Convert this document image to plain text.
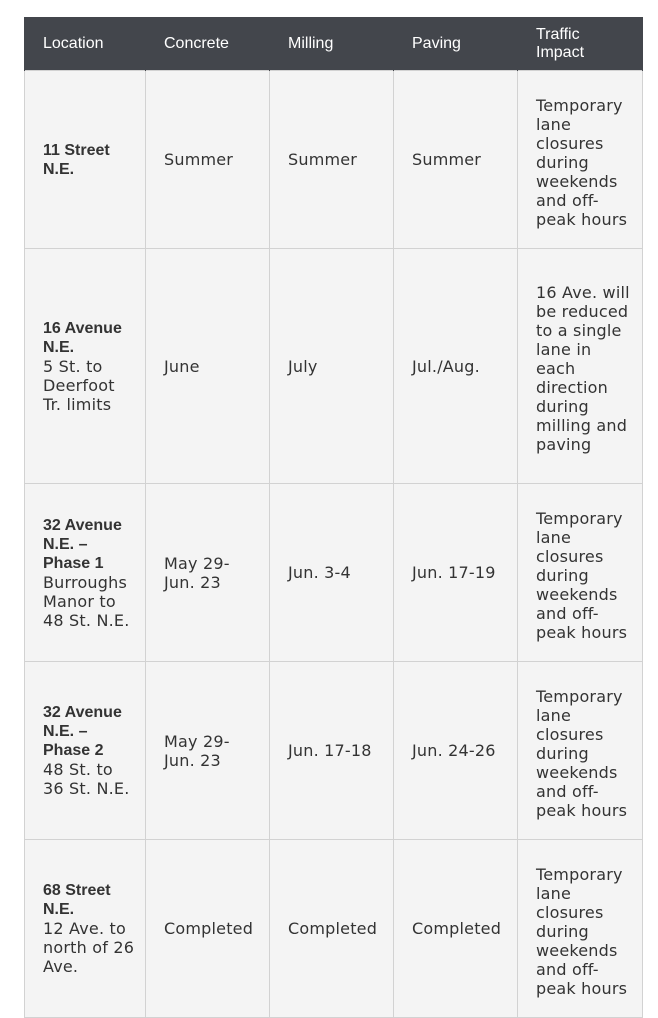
Location	Concrete	Milling	Paving	Traffic Impact

11 Street N.E.	Summer	Summer	Summer	Temporary lane closures during weekends and off-peak hours

16 Avenue N.E.
5 St. to Deerfoot Tr. limits	June	July	Jul./Aug.	16 Ave. will be reduced to a single lane in each direction during milling and paving

32 Avenue N.E. – Phase 1
Burroughs Manor to 48 St. N.E.	May 29-Jun. 23	Jun. 3-4	Jun. 17-19	Temporary lane closures during weekends and off-peak hours

32 Avenue N.E. – Phase 2
48 St. to 36 St. N.E.	May 29-Jun. 23	Jun. 17-18	Jun. 24-26	Temporary lane closures during weekends and off-peak hours

68 Street N.E.
12 Ave. to north of 26 Ave.	Completed	Completed	Completed	Temporary lane closures during weekends and off-peak hours
